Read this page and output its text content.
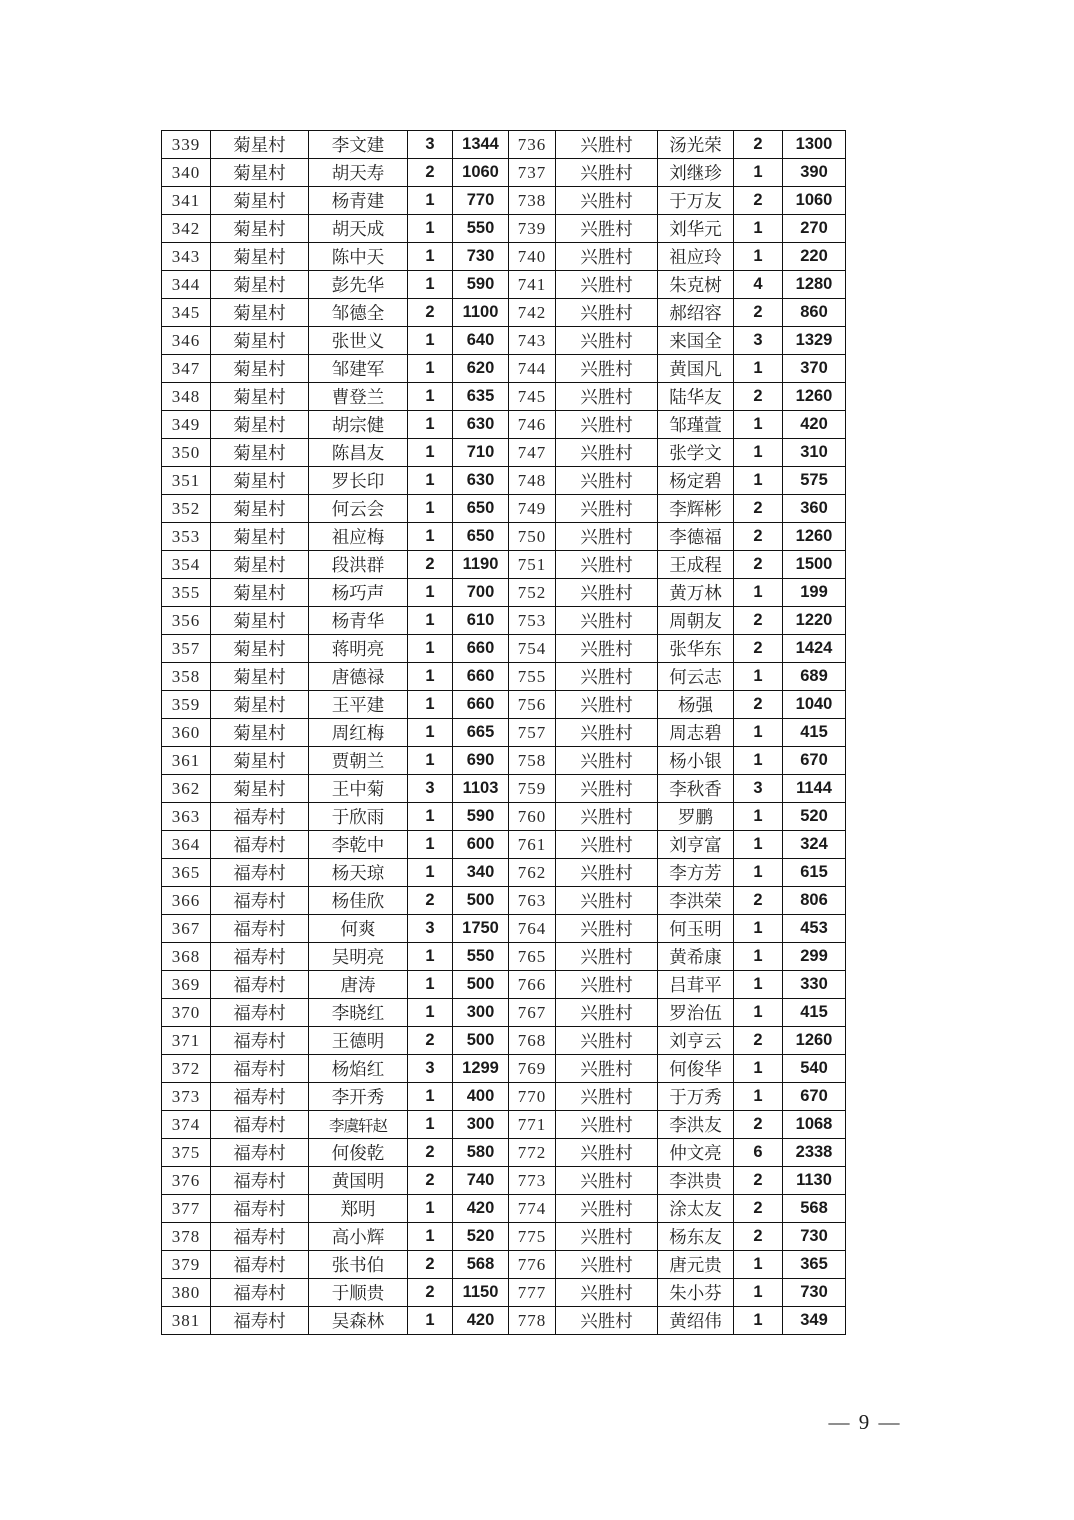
339	菊星村	李文建	3	1344	736	兴胜村	汤光荣	2	1300
340	菊星村	胡天寿	2	1060	737	兴胜村	刘继珍	1	390
341	菊星村	杨青建	1	770	738	兴胜村	于万友	2	1060
342	菊星村	胡天成	1	550	739	兴胜村	刘华元	1	270
343	菊星村	陈中天	1	730	740	兴胜村	祖应玲	1	220
344	菊星村	彭先华	1	590	741	兴胜村	朱克树	4	1280
345	菊星村	邹德全	2	1100	742	兴胜村	郝绍容	2	860
346	菊星村	张世义	1	640	743	兴胜村	来国全	3	1329
347	菊星村	邹建军	1	620	744	兴胜村	黄国凡	1	370
348	菊星村	曹登兰	1	635	745	兴胜村	陆华友	2	1260
349	菊星村	胡宗健	1	630	746	兴胜村	邹瑾萱	1	420
350	菊星村	陈昌友	1	710	747	兴胜村	张学文	1	310
351	菊星村	罗长印	1	630	748	兴胜村	杨定碧	1	575
352	菊星村	何云会	1	650	749	兴胜村	李辉彬	2	360
353	菊星村	祖应梅	1	650	750	兴胜村	李德福	2	1260
354	菊星村	段洪群	2	1190	751	兴胜村	王成程	2	1500
355	菊星村	杨巧声	1	700	752	兴胜村	黄万林	1	199
356	菊星村	杨青华	1	610	753	兴胜村	周朝友	2	1220
357	菊星村	蒋明亮	1	660	754	兴胜村	张华东	2	1424
358	菊星村	唐德禄	1	660	755	兴胜村	何云志	1	689
359	菊星村	王平建	1	660	756	兴胜村	杨强	2	1040
360	菊星村	周红梅	1	665	757	兴胜村	周志碧	1	415
361	菊星村	贾朝兰	1	690	758	兴胜村	杨小银	1	670
362	菊星村	王中菊	3	1103	759	兴胜村	李秋香	3	1144
363	福寿村	于欣雨	1	590	760	兴胜村	罗鹏	1	520
364	福寿村	李乾中	1	600	761	兴胜村	刘亨富	1	324
365	福寿村	杨天琼	1	340	762	兴胜村	李方芳	1	615
366	福寿村	杨佳欣	2	500	763	兴胜村	李洪荣	2	806
367	福寿村	何爽	3	1750	764	兴胜村	何玉明	1	453
368	福寿村	吴明亮	1	550	765	兴胜村	黄希康	1	299
369	福寿村	唐涛	1	500	766	兴胜村	吕茸平	1	330
370	福寿村	李晓红	1	300	767	兴胜村	罗治伍	1	415
371	福寿村	王德明	2	500	768	兴胜村	刘亨云	2	1260
372	福寿村	杨焰红	3	1299	769	兴胜村	何俊华	1	540
373	福寿村	李开秀	1	400	770	兴胜村	于万秀	1	670
374	福寿村	李虞轩赵	1	300	771	兴胜村	李洪友	2	1068
375	福寿村	何俊乾	2	580	772	兴胜村	仲文亮	6	2338
376	福寿村	黄国明	2	740	773	兴胜村	李洪贵	2	1130
377	福寿村	郑明	1	420	774	兴胜村	涂太友	2	568
378	福寿村	高小辉	1	520	775	兴胜村	杨东友	2	730
379	福寿村	张书伯	2	568	776	兴胜村	唐元贵	1	365
380	福寿村	于顺贵	2	1150	777	兴胜村	朱小芬	1	730
381	福寿村	吴森林	1	420	778	兴胜村	黄绍伟	1	349
— 9 —
